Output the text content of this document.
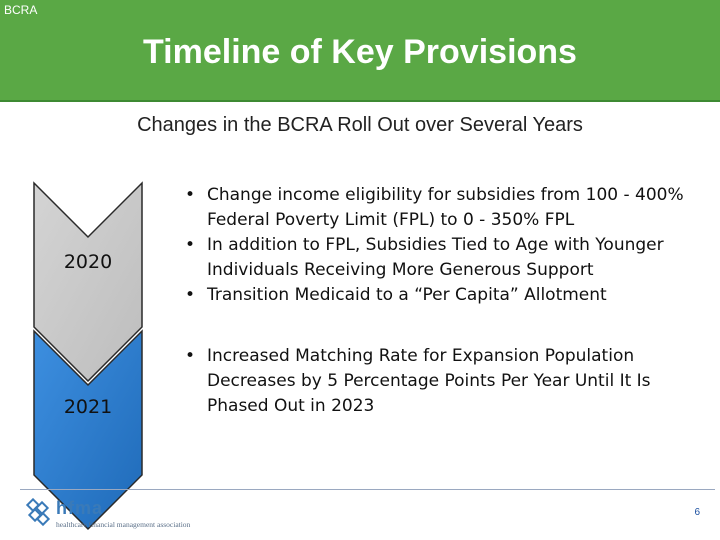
BCRA
Timeline of Key Provisions
Changes in the BCRA Roll Out over Several Years
2020
2021
• Change income eligibility for subsidies from 100 - 400% Federal Poverty Limit (FPL) to 0 - 350% FPL
• In addition to FPL, Subsidies Tied to Age with Younger Individuals Receiving More Generous Support
• Transition Medicaid to a “Per Capita” Allotment
• Increased Matching Rate for Expansion Population Decreases by 5 Percentage Points Per Year Until It Is Phased Out in 2023
hfma
healthcare financial management association
6
